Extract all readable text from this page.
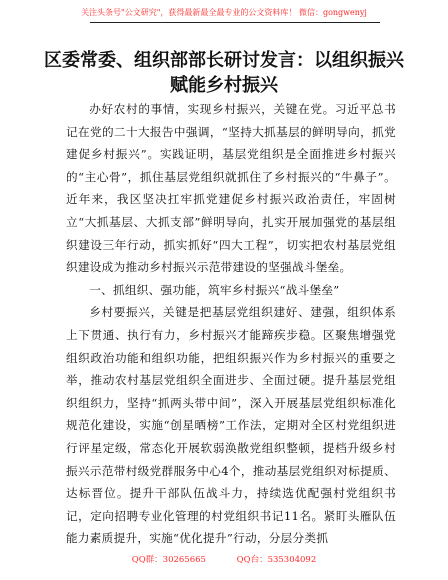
关注头条号"公文研究"，获得最新最全最专业的公文资料库！ 微信：gongwenyj
区委常委、组织部部长研讨发言：以组织振兴赋能乡村振兴

办好农村的事情，实现乡村振兴，关键在党。习近平总书记在党的二十大报告中强调，“坚持大抓基层的鲜明导向，抓党建促乡村振兴”。实践证明，基层党组织是全面推进乡村振兴的“主心骨”，抓住基层党组织就抓住了乡村振兴的“牛鼻子”。近年来，我区坚决扛牢抓党建促乡村振兴政治责任，牢固树立“大抓基层、大抓支部”鲜明导向，扎实开展加强党的基层组织建设三年行动，抓实抓好“四大工程”，切实把农村基层党组织建设成为推动乡村振兴示范带建设的坚强战斗堡垒。

一、抓组织、强功能，筑牢乡村振兴“战斗堡垒”

乡村要振兴，关键是把基层党组织建好、建强，组织体系上下贯通、执行有力，乡村振兴才能蹄疾步稳。区聚焦增强党组织政治功能和组织功能，把组织振兴作为乡村振兴的重要之举，推动农村基层党组织全面进步、全面过硬。提升基层党组织组织力，坚持“抓两头带中间”，深入开展基层党组织标准化规范化建设，实施“创星晒榜”工作法，定期对全区村党组织进行评星定级，常态化开展软弱涣散党组织整顿，提档升级乡村振兴示范带村级党群服务中心4个，推动基层党组织对标提质、达标晋位。提升干部队伍战斗力，持续选优配强村党组织书记，定向招聘专业化管理的村党组织书记11名。紧盯头雁队伍能力素质提升，实施“优化提升”行动，分层分类抓

QQ群：30265665	QQ台：535304092
